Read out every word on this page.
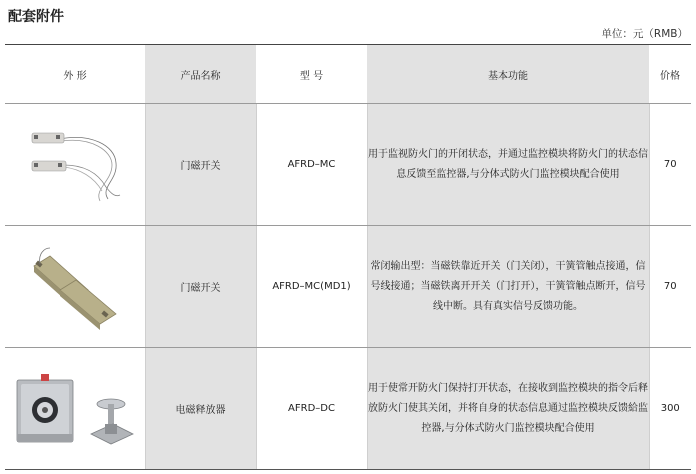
配套附件
单位：元（RMB）
外 形	产品名称	型 号	基本功能	价格

	门磁开关	AFRD–MC	用于监视防火门的开闭状态，并通过监控模块将防火门的状态信息反馈至监控器,与分体式防火门监控模块配合使用	70

	门磁开关	AFRD–MC(MD1)	常闭输出型：当磁铁靠近开关（门关闭），干簧管触点接通，信号线接通；当磁铁离开开关（门打开），干簧管触点断开，信号线中断。具有真实信号反馈功能。	70

	电磁释放器	AFRD–DC	用于使常开防火门保持打开状态，在接收到监控模块的指令后释放防火门使其关闭，并将自身的状态信息通过监控模块反馈給监控器,与分体式防火门监控模块配合使用	300
